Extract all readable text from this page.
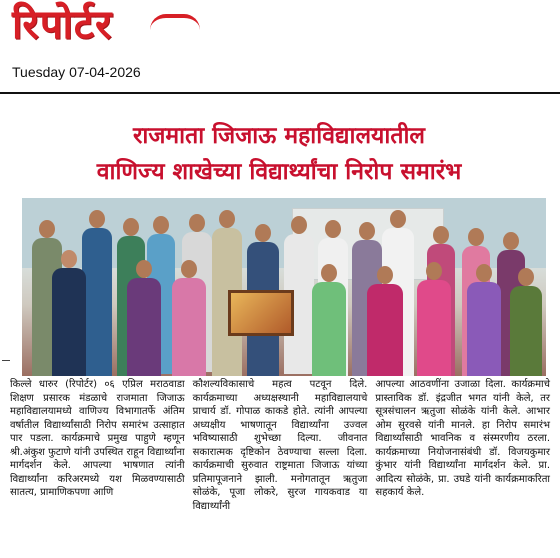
रिपोर्टर
Tuesday 07-04-2026

राजमाता जिजाऊ महाविद्यालयातील
वाणिज्य शाखेच्या विद्यार्थ्यांचा निरोप समारंभ

किल्ले धारुर (रिपोर्टर) ०६ एप्रिल मराठवाडा शिक्षण प्रसारक मंडळाचे राजमाता जिजाऊ महाविद्यालयामध्ये वाणिज्य विभागातर्फे अंतिम वर्षातील विद्यार्थ्यांसाठी निरोप समारंभ उत्साहात पार पडला. कार्यक्रमाचे प्रमुख पाहुणे म्हणून श्री.अंकुश फुटाणे यांनी उपस्थित राहून विद्यार्थ्यांना मार्गदर्शन केले. आपल्या भाषणात त्यांनी विद्यार्थ्यांना करिअरमध्ये यश मिळवण्यासाठी सातत्य, प्रामाणिकपणा आणि

कौशल्यविकासाचे महत्व पटवून दिले. कार्यक्रमाच्या अध्यक्षस्थानी महाविद्यालयाचे प्राचार्य डॉ. गोपाळ काकडे होते. त्यांनी आपल्या अध्यक्षीय भाषणातून विद्यार्थ्यांना उज्वल भविष्यासाठी शुभेच्छा दिल्या. जीवनात सकारात्मक दृष्टिकोन ठेवण्याचा सल्ला दिला. कार्यक्रमाची सुरुवात राष्ट्रमाता जिजाऊ यांच्या प्रतिमापूजनाने झाली. मनोगतातून ऋतुजा सोळंके, पूजा लोकरे, सुरज गायकवाड या विद्यार्थ्यांनी

आपल्या आठवणींना उजाळा दिला. कार्यक्रमाचे प्रास्ताविक डॉ. इंद्रजीत भगत यांनी केले, तर सूत्रसंचालन ऋतुजा सोळंके यांनी केले. आभार ओम सुरवसे यांनी मानले. हा निरोप समारंभ विद्यार्थ्यांसाठी भावनिक व संस्मरणीय ठरला. कार्यक्रमाच्या नियोजनासंबंधी डॉ. विजयकुमार कुंभार यांनी विद्यार्थ्यांना मार्गदर्शन केले. प्रा. आदित्य सोळंके, प्रा. उघडे यांनी कार्यक्रमाकरिता सहकार्य केले.
